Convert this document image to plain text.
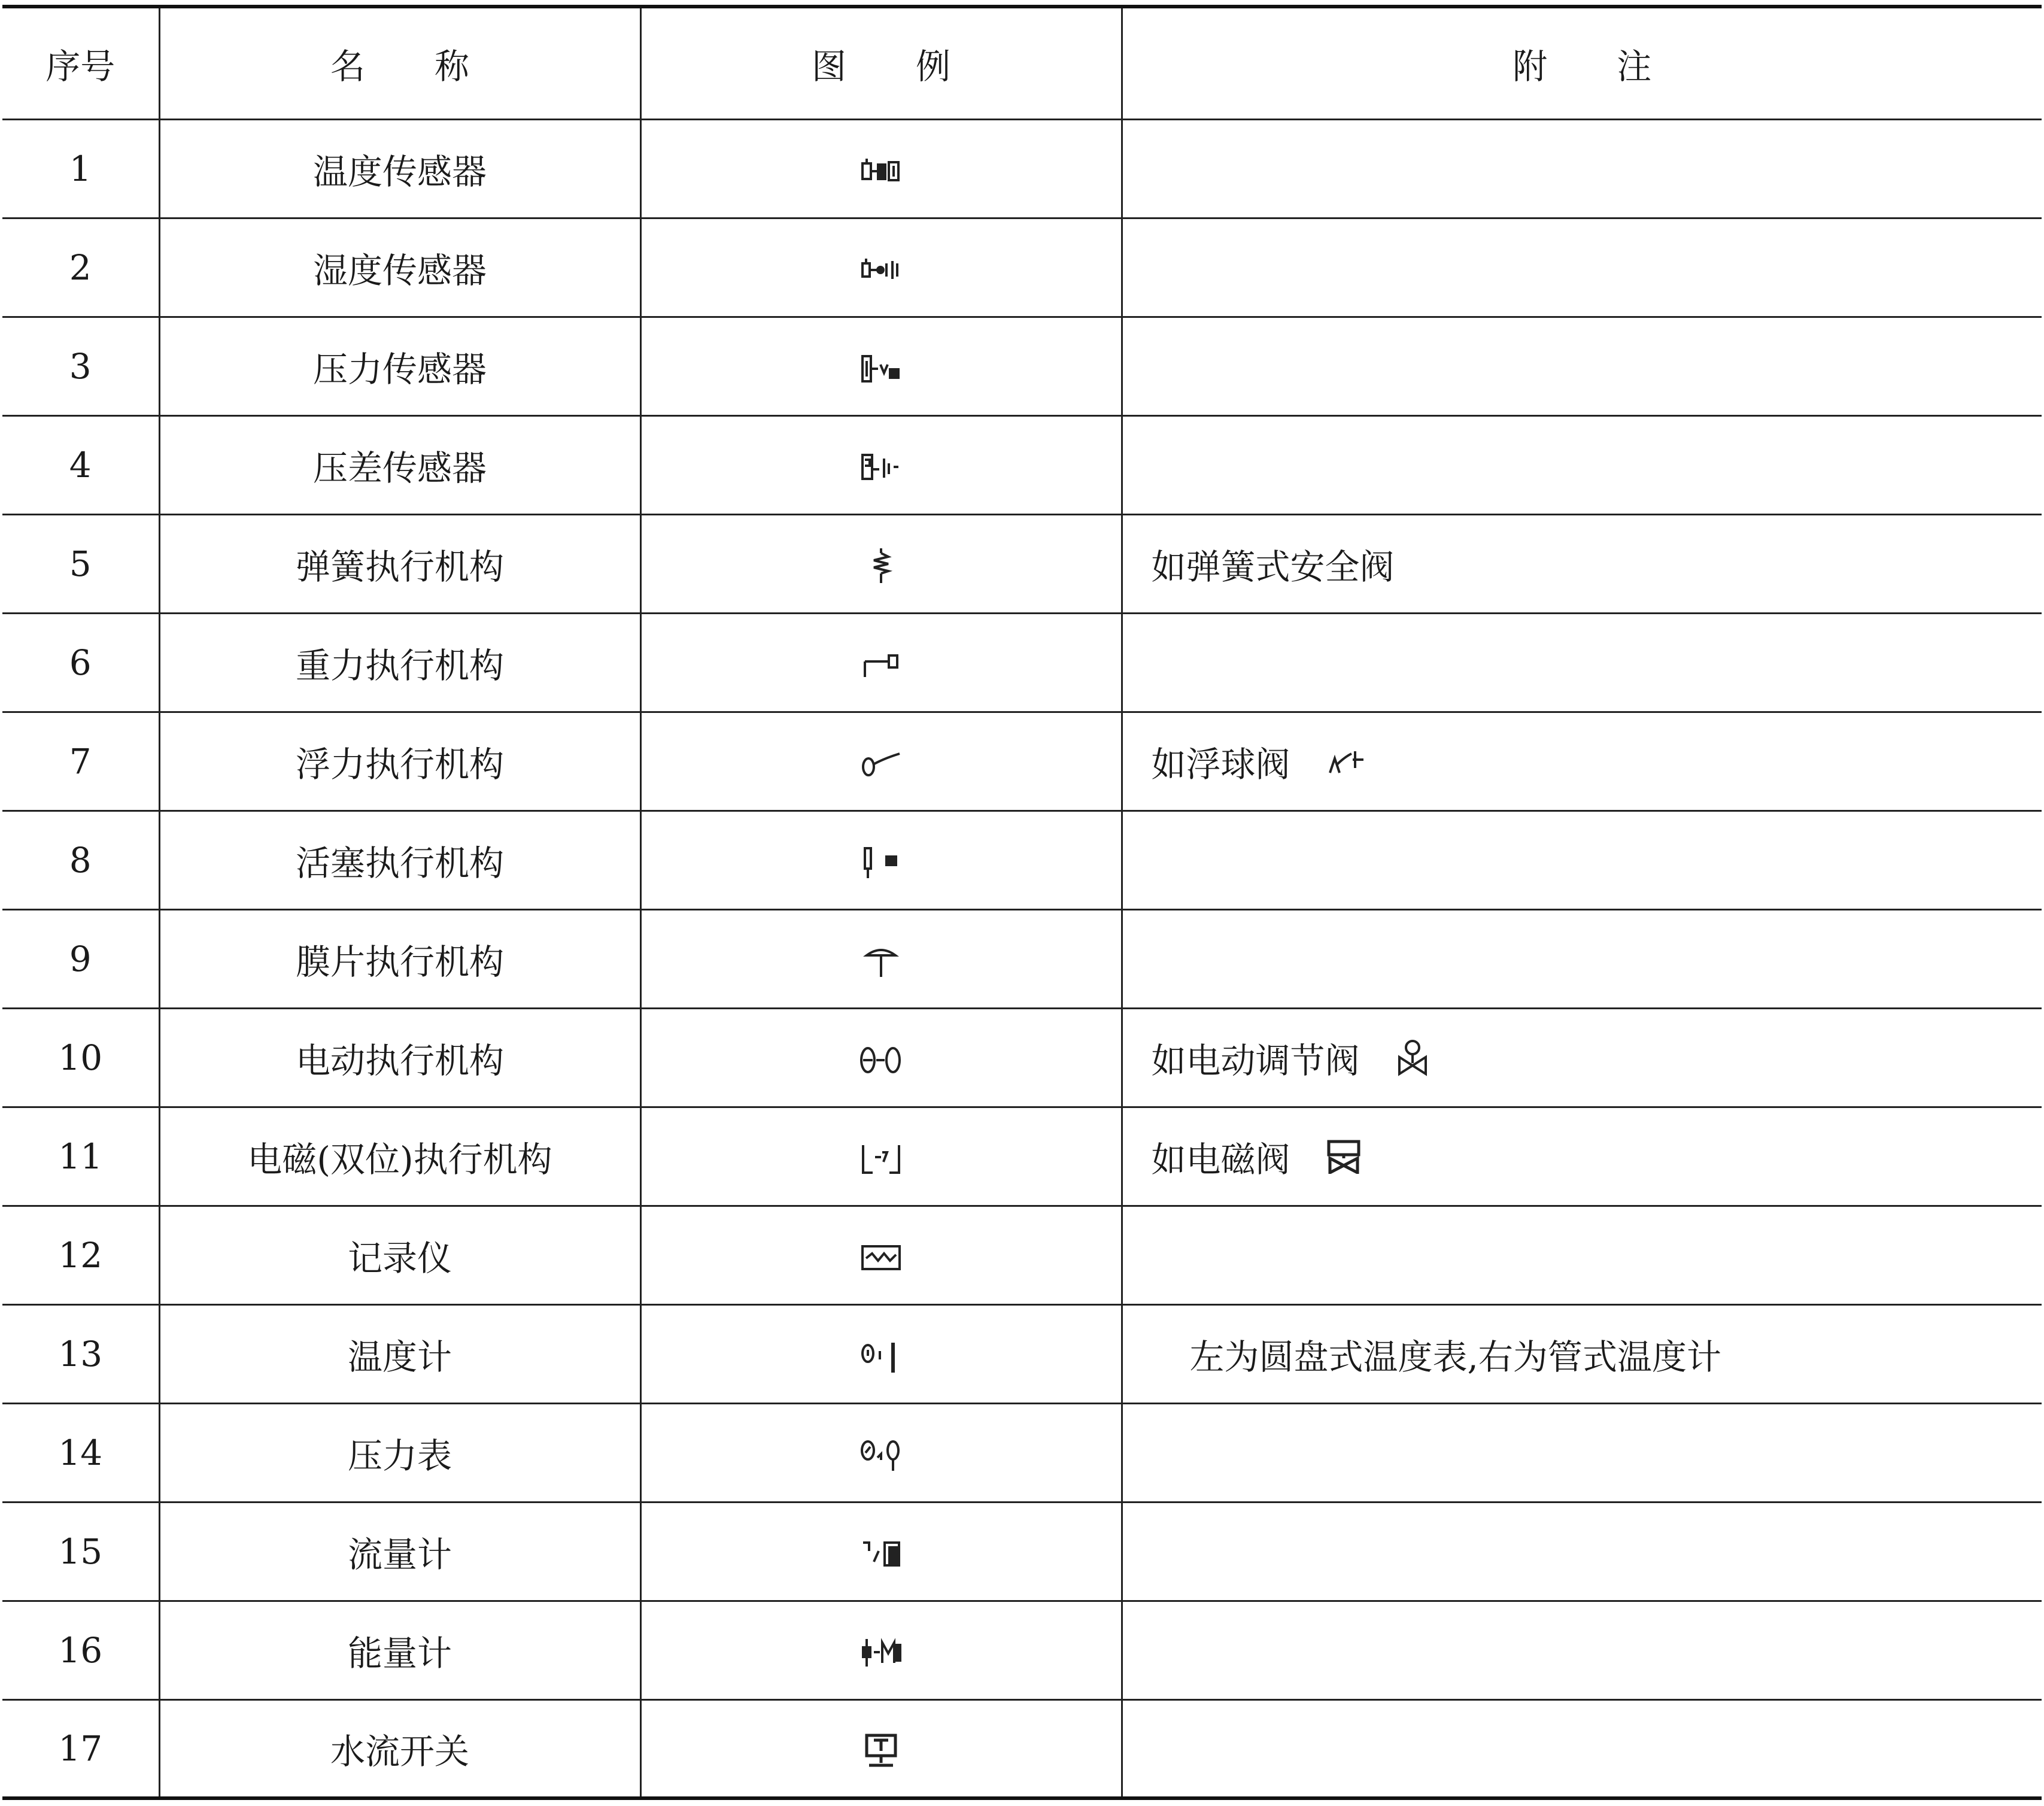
序号	名　　称	图　　例	附　　注
1	温度传感器	

2	湿度传感器	

3	压力传感器	

4	压差传感器	

5	弹簧执行机构		如弹簧式安全阀
6	重力执行机构	

7	浮力执行机构		如浮球阀

8	活塞执行机构	

9	膜片执行机构	

10	电动执行机构		如电动调节阀

11	电磁(双位)执行机构		如电磁阀

12	记录仪	

13	温度计		左为圆盘式温度表,右为管式温度计
14	压力表	

15	流量计	

16	能量计	

17	水流开关	
